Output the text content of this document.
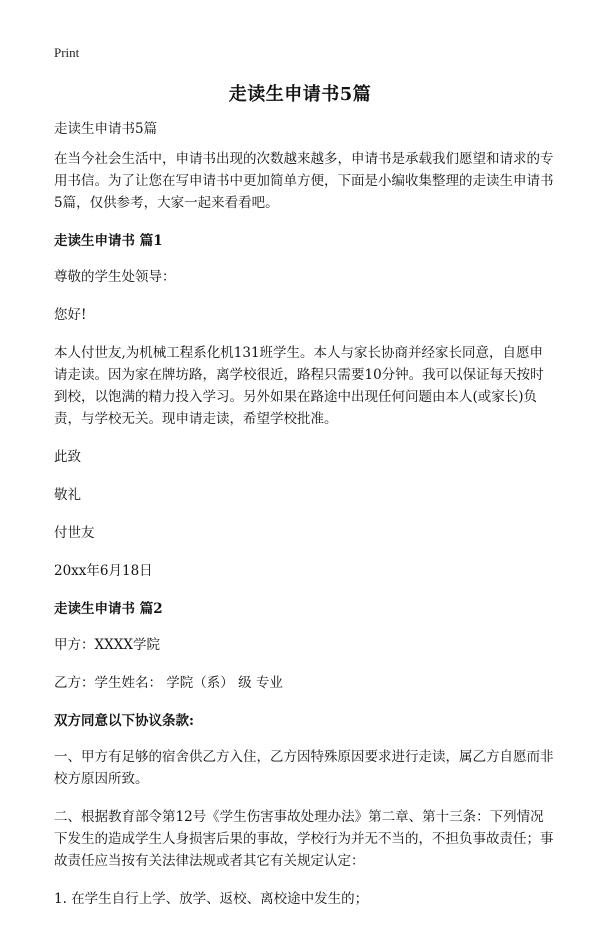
Print
走读生申请书5篇

走读生申请书5篇

在当今社会生活中，申请书出现的次数越来越多，申请书是承载我们愿望和请求的专用书信。为了让您在写申请书中更加简单方便，下面是小编收集整理的走读生申请书5篇，仅供参考，大家一起来看看吧。

走读生申请书 篇1

尊敬的学生处领导：

您好!

本人付世友,为机械工程系化机131班学生。本人与家长协商并经家长同意，自愿申请走读。因为家在牌坊路，离学校很近，路程只需要10分钟。我可以保证每天按时到校，以饱满的精力投入学习。另外如果在路途中出现任何问题由本人(或家长)负责，与学校无关。现申请走读，希望学校批准。

此致

敬礼

付世友

20xx年6月18日

走读生申请书 篇2

甲方：XXXX学院

乙方：学生姓名： 学院（系） 级 专业

双方同意以下协议条款:

一、甲方有足够的宿舍供乙方入住，乙方因特殊原因要求进行走读，属乙方自愿而非校方原因所致。

二、根据教育部令第12号《学生伤害事故处理办法》第二章、第十三条：下列情况下发生的造成学生人身损害后果的事故，学校行为并无不当的，不担负事故责任；事故责任应当按有关法律法规或者其它有关规定认定：

1. 在学生自行上学、放学、返校、离校途中发生的；
